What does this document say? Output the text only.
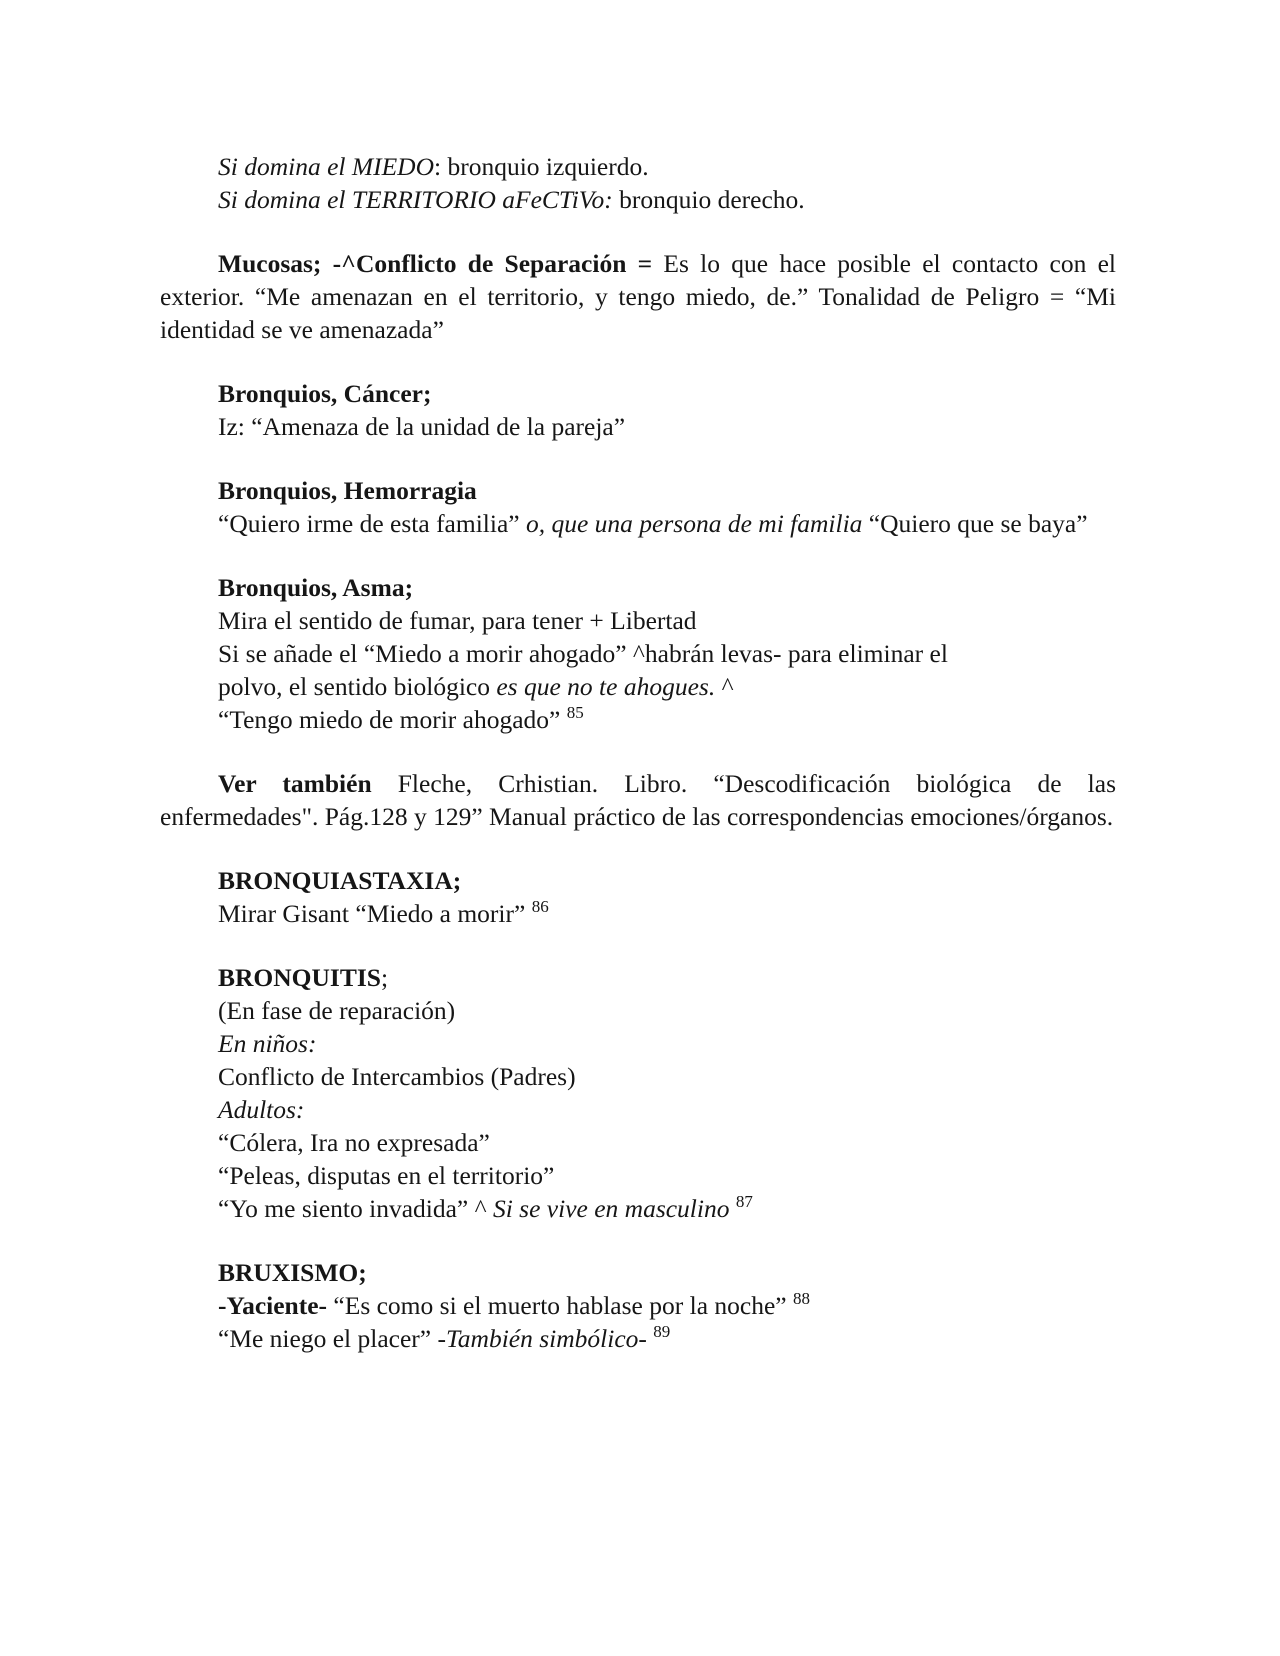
Si domina el MIEDO: bronquio izquierdo.

Si domina el TERRITORIO aFeCTiVo: bronquio derecho.

Mucosas; -^Conflicto de Separación = Es lo que hace posible el contacto con el exterior. “Me amenazan en el territorio, y tengo miedo, de.” Tonalidad de Peligro = “Mi identidad se ve amenazada”

Bronquios, Cáncer;

Iz: “Amenaza de la unidad de la pareja”

Bronquios, Hemorragia

“Quiero irme de esta familia” o, que una persona de mi familia “Quiero que se baya”

Bronquios, Asma;

Mira el sentido de fumar, para tener + Libertad

Si se añade el “Miedo a morir ahogado” ^habrán levas- para eliminar el

polvo, el sentido biológico es que no te ahogues. ^

“Tengo miedo de morir ahogado” $^{85}$

Ver también Fleche, Crhistian. Libro. “Descodificación biológica de las enfermedades". Pág.128 y 129” Manual práctico de las correspondencias emociones/órganos.

BRONQUIASTAXIA;

Mirar Gisant “Miedo a morir” $^{86}$

BRONQUITIS;

(En fase de reparación)

En niños:

Conflicto de Intercambios (Padres)

Adultos:

“Cólera, Ira no expresada”

“Peleas, disputas en el territorio”

“Yo me siento invadida” ^ Si se vive en masculino $^{87}$

BRUXISMO;

-Yaciente- “Es como si el muerto hablase por la noche” $^{88}$

“Me niego el placer” -También simbólico- $^{89}$
